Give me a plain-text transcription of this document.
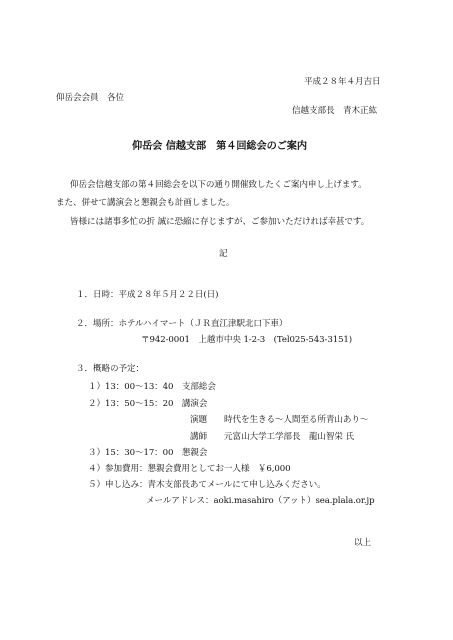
平成２８年４月吉日
仰岳会会員　各位
信越支部長　青木正紘
仰岳会 信越支部　第４回総会のご案内
仰岳会信越支部の第４回総会を以下の通り開催致したくご案内申し上げます。
また、併せて講演会と懇親会も計画しました。
皆様には諸事多忙の折 誠に恐縮に存じますが、ご参加いただければ幸甚です。
記
１．日時：平成２８年５月２２日(日)
２．場所：ホテルハイマート（ＪＲ直江津駅北口下車）
〒942-0001　上越市中央 1-2-3　(Tel025-543-3151)
３．概略の予定：
１）13：00〜13：40　支部総会
２）13：50〜15：20　講演会
演題　　時代を生きる〜人間至る所青山あり〜
講師　　元富山大学工学部長　龍山智栄 氏
３）15：30〜17：00　懇親会
４）参加費用：懇親会費用としてお一人様　￥6,000
５）申し込み：青木支部長あてメールにて申し込みください。
メールアドレス：aoki.masahiro（アット）sea.plala.or.jp
以上
